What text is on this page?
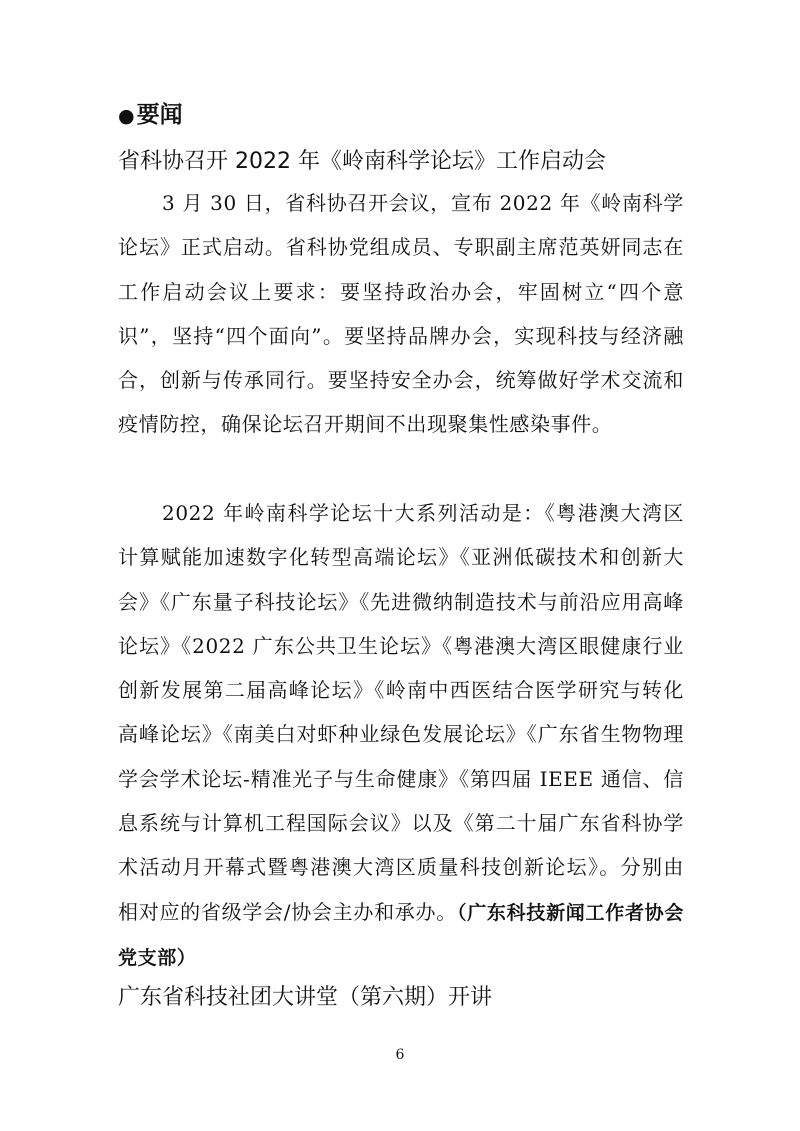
●要闻
省科协召开 2022 年《岭南科学论坛》工作启动会

3 月 30 日，省科协召开会议，宣布 2022 年《岭南科学论坛》正式启动。省科协党组成员、专职副主席范英妍同志在工作启动会议上要求：要坚持政治办会，牢固树立“四个意识”，坚持“四个面向”。要坚持品牌办会，实现科技与经济融合，创新与传承同行。要坚持安全办会，统筹做好学术交流和疫情防控，确保论坛召开期间不出现聚集性感染事件。

2022 年岭南科学论坛十大系列活动是：《粤港澳大湾区计算赋能加速数字化转型高端论坛》《亚洲低碳技术和创新大会》《广东量子科技论坛》《先进微纳制造技术与前沿应用高峰论坛》《2022 广东公共卫生论坛》《粤港澳大湾区眼健康行业创新发展第二届高峰论坛》《岭南中西医结合医学研究与转化高峰论坛》《南美白对虾种业绿色发展论坛》《广东省生物物理学会学术论坛-精准光子与生命健康》《第四届 IEEE 通信、信息系统与计算机工程国际会议》以及《第二十届广东省科协学术活动月开幕式暨粤港澳大湾区质量科技创新论坛》。分别由相对应的省级学会/协会主办和承办。（广东科技新闻工作者协会党支部）

广东省科技社团大讲堂（第六期）开讲
6
